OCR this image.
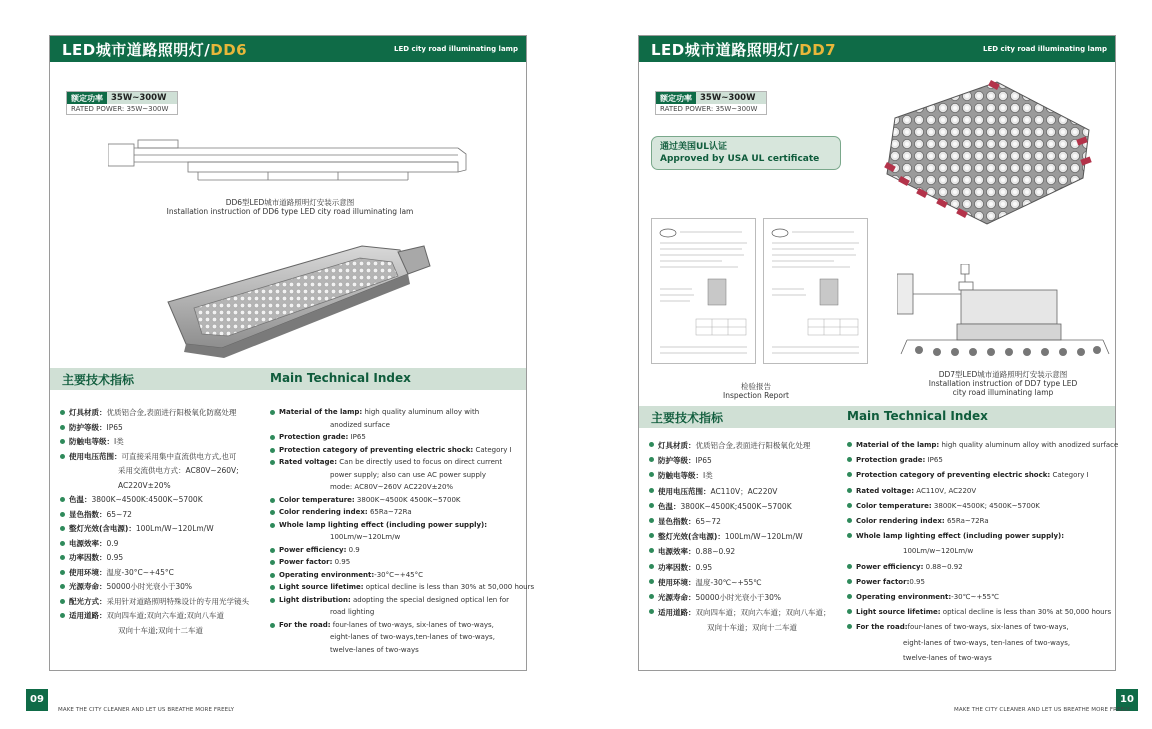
LED城市道路照明灯/DD6	LED city road illuminating lamp
额定功率 35W~300W
RATED POWER: 35W~300W
DD6型LED城市道路照明灯安装示意图
Installation instruction of DD6 type LED city road illuminating lam
主要技术指标	Main Technical Index
灯具材质：优质铝合金,表面进行阳极氧化防腐处理
防护等级：IP65
防触电等级：I类
使用电压范围：可直接采用集中直流供电方式,也可
采用交流供电方式：AC80V~260V;
AC220V±20%
色温：3800K~4500K:4500K~5700K
显色指数：65~72
整灯光效(含电源)：100Lm/W~120Lm/W
电源效率：0.9
功率因数：0.95
使用环境：温度-30°C~+45°C
光源寿命：50000小时光衰小于30%
配光方式：采用针对道路照明特殊设计的专用光学镜头
适用道路：双向四车道;双向六车道;双向八车道
双向十车道;双向十二车道
Material of the lamp: high quality aluminum alloy with
anodized surface
Protection grade: IP65
Protection category of preventing electric shock: Category I
Rated voltage: Can be directly used to focus on direct current
power supply; also can use AC power supply
mode: AC80V~260V AC220V±20%
Color temperature: 3800K~4500K 4500K~5700K
Color rendering index: 65Ra~72Ra
Whole lamp lighting effect (including power supply):
100Lm/w~120Lm/w
Power efficiency: 0.9
Power factor: 0.95
Operating environment:-30°C~+45°C
Light source lifetime: optical decline is less than 30% at 50,000 hours
Light distribution: adopting the special designed optical len for
road lighting
For the road: four-lanes of two-ways, six-lanes of two-ways,
eight-lanes of two-ways,ten-lanes of two-ways,
twelve-lanes of two-ways
09
MAKE THE CITY CLEANER AND LET US BREATHE MORE FREELY
LED城市道路照明灯/DD7	LED city road illuminating lamp
额定功率 35W~300W
RATED POWER: 35W~300W
通过美国UL认证
Approved by USA UL certificate
检验报告
Inspection Report
DD7型LED城市道路照明灯安装示意图
Installation instruction of DD7 type LED
city road illuminating lamp
主要技术指标	Main Technical Index
灯具材质：优质铝合金,表面进行阳极氧化处理
防护等级：IP65
防触电等级：I类
使用电压范围：AC110V；AC220V
色温：3800K~4500K;4500K~5700K
显色指数：65~72
整灯光效(含电源)：100Lm/W~120Lm/W
电源效率：0.88~0.92
功率因数：0.95
使用环境：温度-30℃~+55℃
光源寿命：50000小时光衰小于30%
适用道路：双向四车道；双向六车道；双向八车道；
双向十车道；双向十二车道
Material of the lamp: high quality aluminum alloy with anodized surface
Protection grade: IP65
Protection category of preventing electric shock: Category I
Rated voltage: AC110V, AC220V
Color temperature: 3800K~4500K; 4500K~5700K
Color rendering index: 65Ra~72Ra
Whole lamp lighting effect (including power supply):
100Lm/w~120Lm/w
Power efficiency: 0.88~0.92
Power factor:0.95
Operating environment:-30℃~+55℃
Light source lifetime: optical decline is less than 30% at 50,000 hours
For the road:four-lanes of two-ways, six-lanes of two-ways,
eight-lanes of two-ways, ten-lanes of two-ways,
twelve-lanes of two-ways
10
MAKE THE CITY CLEANER AND LET US BREATHE MORE FREELY
